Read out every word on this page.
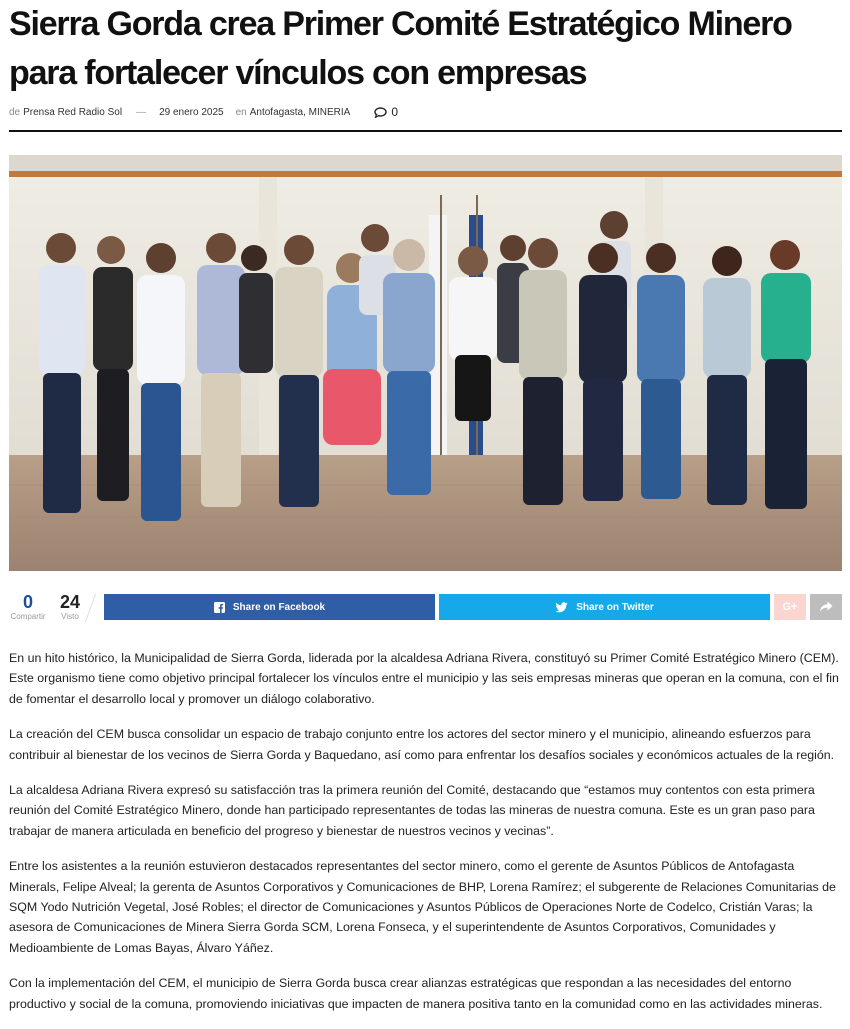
Sierra Gorda crea Primer Comité Estratégico Minero para fortalecer vínculos con empresas
de Prensa Red Radio Sol — 29 enero 2025 en Antofagasta, MINERIA	0
0
Compartir
24
Visto
Share on Facebook	Share on Twitter	G+

En un hito histórico, la Municipalidad de Sierra Gorda, liderada por la alcaldesa Adriana Rivera, constituyó su Primer Comité Estratégico Minero (CEM). Este organismo tiene como objetivo principal fortalecer los vínculos entre el municipio y las seis empresas mineras que operan en la comuna, con el fin de fomentar el desarrollo local y promover un diálogo colaborativo.

La creación del CEM busca consolidar un espacio de trabajo conjunto entre los actores del sector minero y el municipio, alineando esfuerzos para contribuir al bienestar de los vecinos de Sierra Gorda y Baquedano, así como para enfrentar los desafíos sociales y económicos actuales de la región.

La alcaldesa Adriana Rivera expresó su satisfacción tras la primera reunión del Comité, destacando que “estamos muy contentos con esta primera reunión del Comité Estratégico Minero, donde han participado representantes de todas las mineras de nuestra comuna. Este es un gran paso para trabajar de manera articulada en beneficio del progreso y bienestar de nuestros vecinos y vecinas”.

Entre los asistentes a la reunión estuvieron destacados representantes del sector minero, como el gerente de Asuntos Públicos de Antofagasta Minerals, Felipe Alveal; la gerenta de Asuntos Corporativos y Comunicaciones de BHP, Lorena Ramírez; el subgerente de Relaciones Comunitarias de SQM Yodo Nutrición Vegetal, José Robles; el director de Comunicaciones y Asuntos Públicos de Operaciones Norte de Codelco, Cristián Varas; la asesora de Comunicaciones de Minera Sierra Gorda SCM, Lorena Fonseca, y el superintendente de Asuntos Corporativos, Comunidades y Medioambiente de Lomas Bayas, Álvaro Yáñez.

Con la implementación del CEM, el municipio de Sierra Gorda busca crear alianzas estratégicas que respondan a las necesidades del entorno productivo y social de la comuna, promoviendo iniciativas que impacten de manera positiva tanto en la comunidad como en las actividades mineras.
